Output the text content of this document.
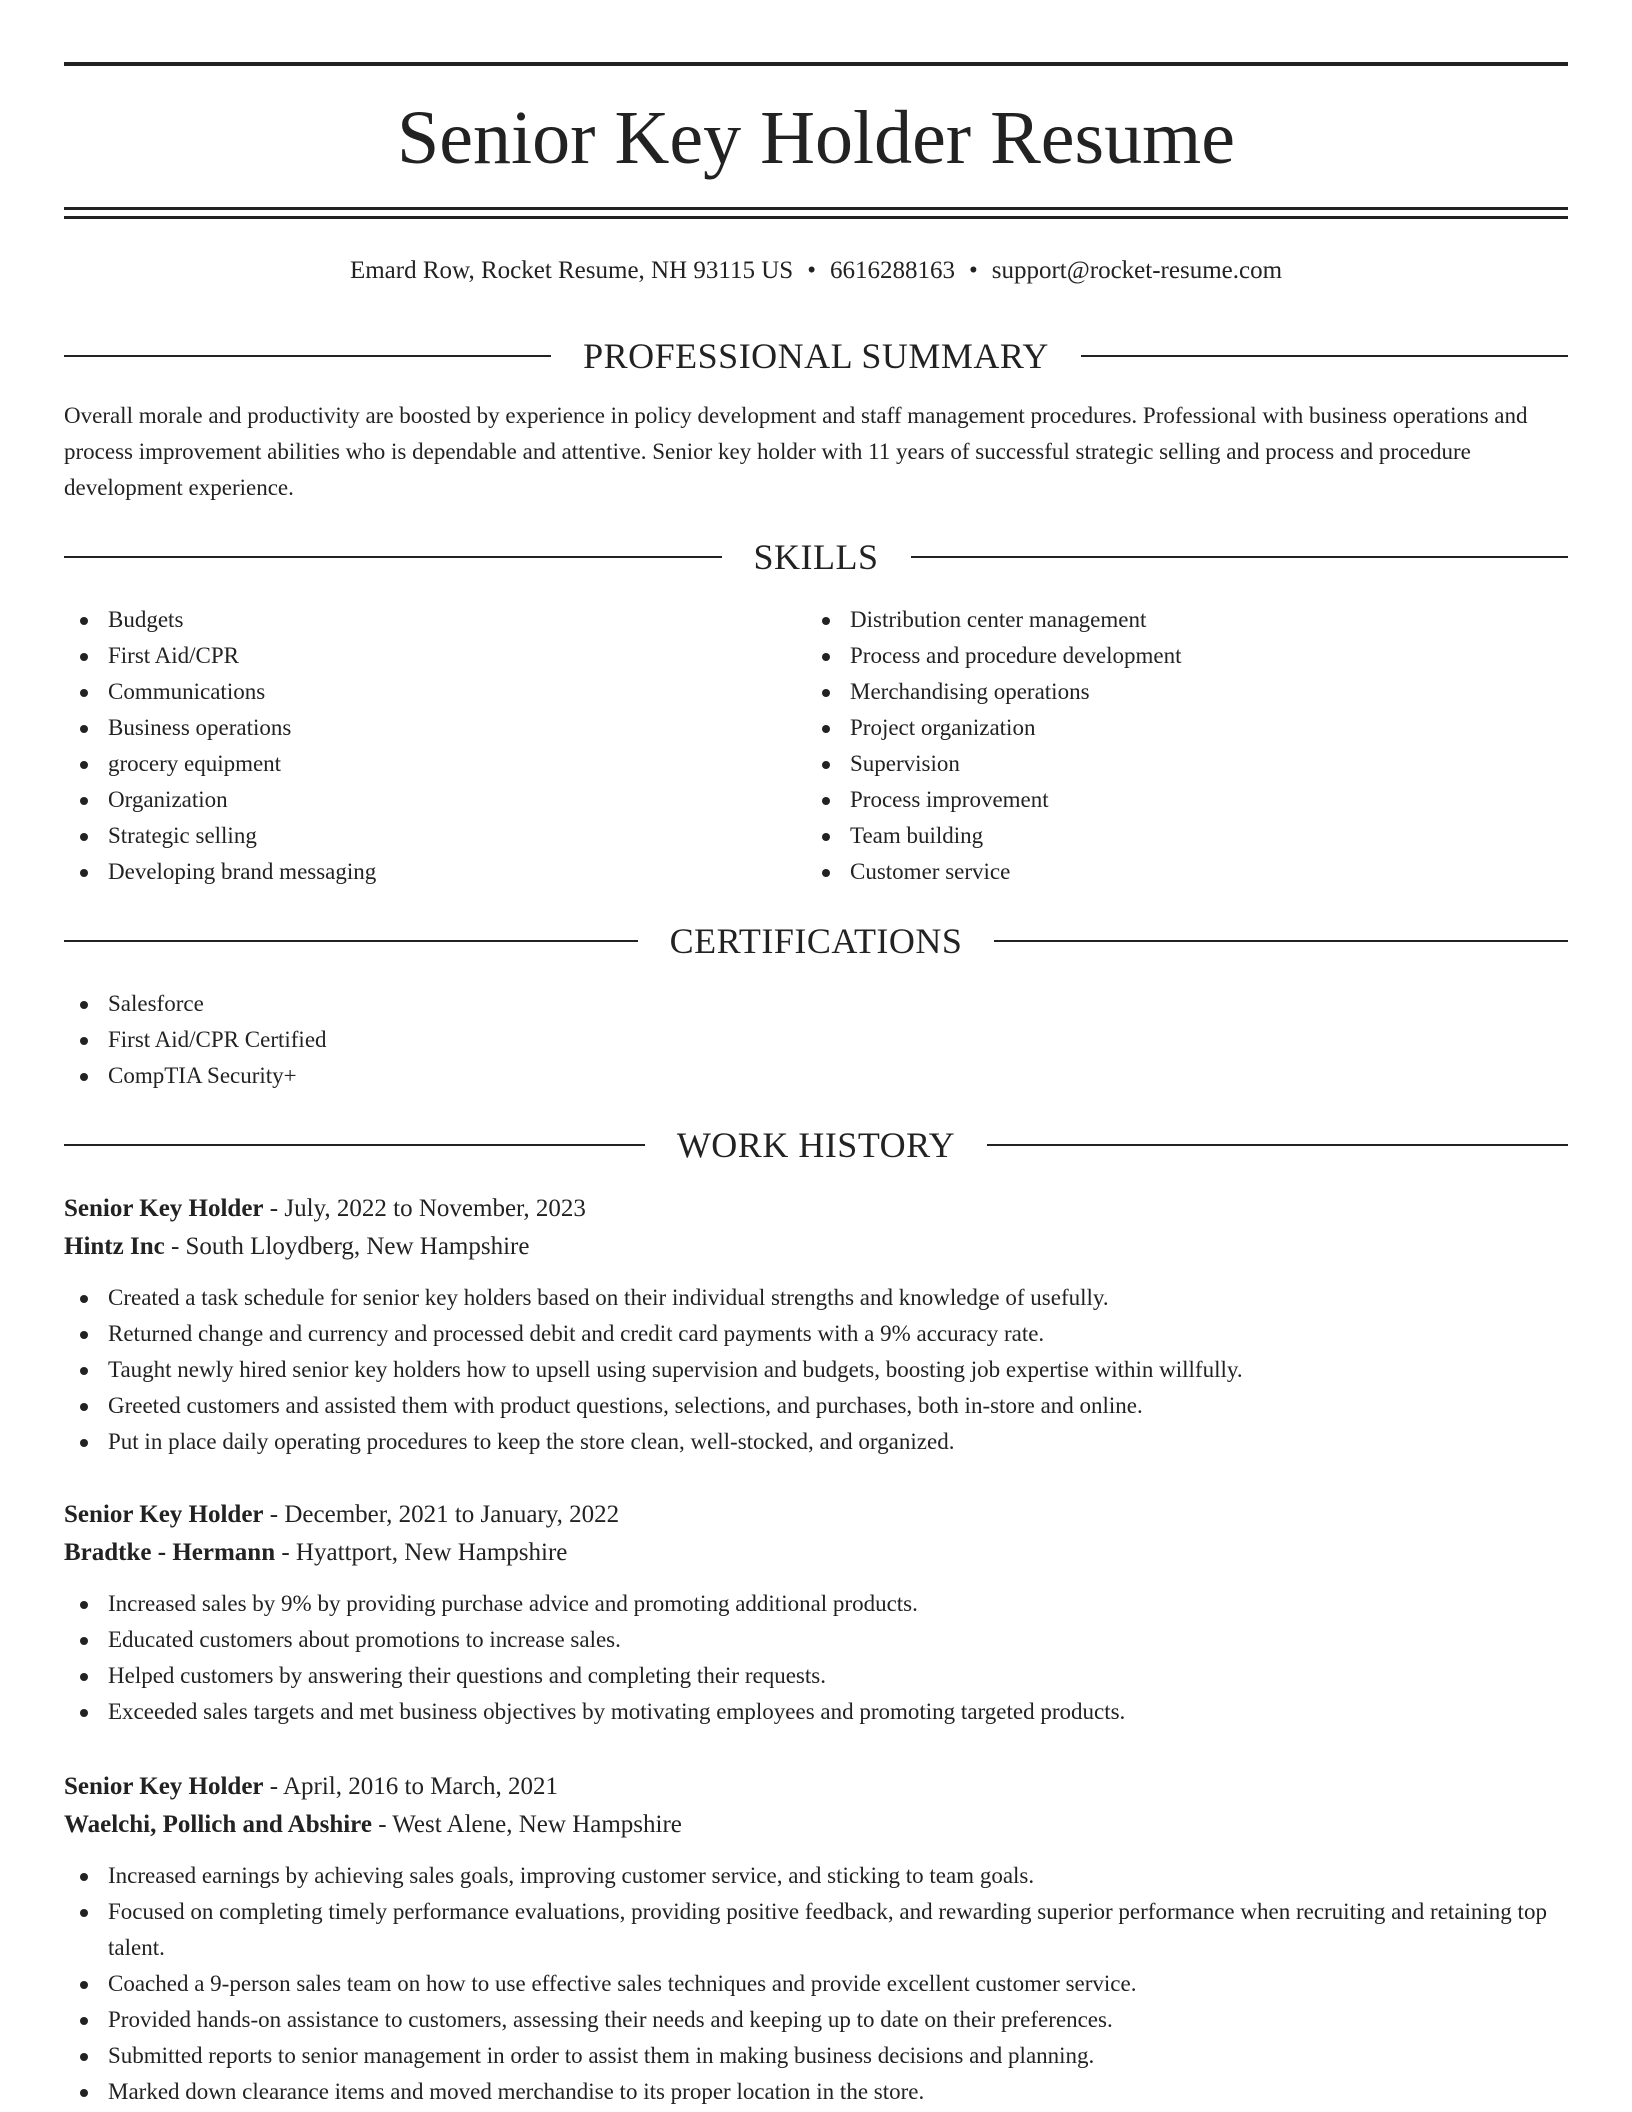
Senior Key Holder Resume
Emard Row, Rocket Resume, NH 93115 US • 6616288163 • support@rocket-resume.com
PROFESSIONAL SUMMARY
Overall morale and productivity are boosted by experience in policy development and staff management procedures. Professional with business operations and process improvement abilities who is dependable and attentive. Senior key holder with 11 years of successful strategic selling and process and procedure development experience.
SKILLS
Budgets
First Aid/CPR
Communications
Business operations
grocery equipment
Organization
Strategic selling
Developing brand messaging
Distribution center management
Process and procedure development
Merchandising operations
Project organization
Supervision
Process improvement
Team building
Customer service
CERTIFICATIONS
Salesforce
First Aid/CPR Certified
CompTIA Security+
WORK HISTORY
Senior Key Holder - July, 2022 to November, 2023
Hintz Inc - South Lloydberg, New Hampshire
Created a task schedule for senior key holders based on their individual strengths and knowledge of usefully.
Returned change and currency and processed debit and credit card payments with a 9% accuracy rate.
Taught newly hired senior key holders how to upsell using supervision and budgets, boosting job expertise within willfully.
Greeted customers and assisted them with product questions, selections, and purchases, both in-store and online.
Put in place daily operating procedures to keep the store clean, well-stocked, and organized.
Senior Key Holder - December, 2021 to January, 2022
Bradtke - Hermann - Hyattport, New Hampshire
Increased sales by 9% by providing purchase advice and promoting additional products.
Educated customers about promotions to increase sales.
Helped customers by answering their questions and completing their requests.
Exceeded sales targets and met business objectives by motivating employees and promoting targeted products.
Senior Key Holder - April, 2016 to March, 2021
Waelchi, Pollich and Abshire - West Alene, New Hampshire
Increased earnings by achieving sales goals, improving customer service, and sticking to team goals.
Focused on completing timely performance evaluations, providing positive feedback, and rewarding superior performance when recruiting and retaining top talent.
Coached a 9-person sales team on how to use effective sales techniques and provide excellent customer service.
Provided hands-on assistance to customers, assessing their needs and keeping up to date on their preferences.
Submitted reports to senior management in order to assist them in making business decisions and planning.
Marked down clearance items and moved merchandise to its proper location in the store.
